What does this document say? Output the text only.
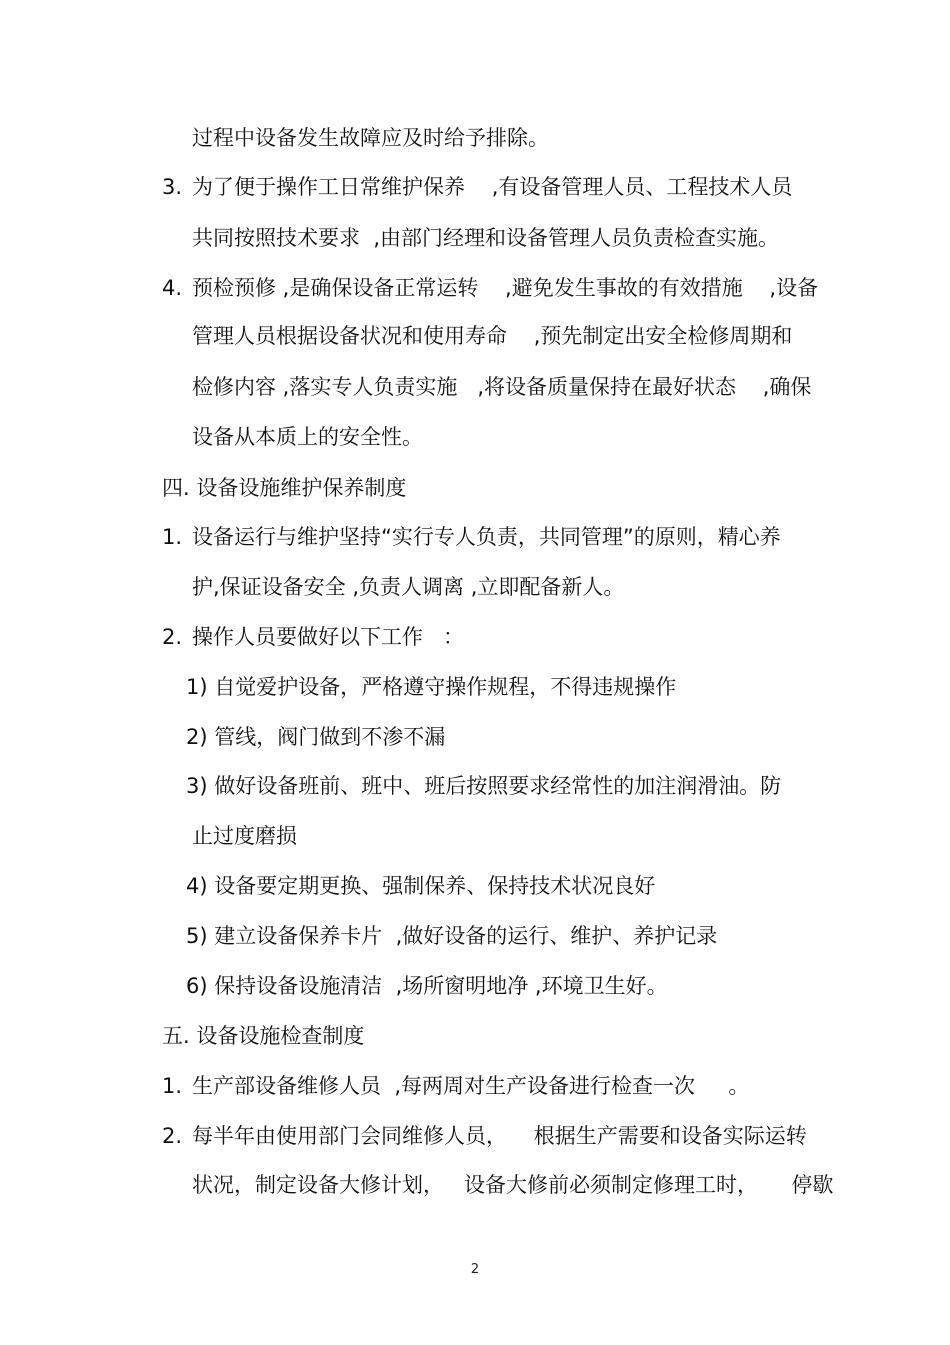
过程中设备发生故障应及时给予排除。
3. 为了便于操作工日常维护保养    ,有设备管理人员、工程技术人员
共同按照技术要求  ,由部门经理和设备管理人员负责检查实施。
4. 预检预修 ,是确保设备正常运转    ,避免发生事故的有效措施    ,设备
管理人员根据设备状况和使用寿命    ,预先制定出安全检修周期和
检修内容 ,落实专人负责实施   ,将设备质量保持在最好状态    ,确保
设备从本质上的安全性。
四. 设备设施维护保养制度
1. 设备运行与维护坚持“实行专人负责，共同管理”的原则，精心养
护,保证设备安全 ,负责人调离 ,立即配备新人。
2. 操作人员要做好以下工作   ：
1) 自觉爱护设备，严格遵守操作规程，不得违规操作
2) 管线，阀门做到不渗不漏
3) 做好设备班前、班中、班后按照要求经常性的加注润滑油。防
止过度磨损
4) 设备要定期更换、强制保养、保持技术状况良好
5) 建立设备保养卡片  ,做好设备的运行、维护、养护记录
6) 保持设备设施清洁  ,场所窗明地净 ,环境卫生好。
五. 设备设施检查制度
1. 生产部设备维修人员  ,每两周对生产设备进行检查一次     。
2. 每半年由使用部门会同维修人员，    根据生产需要和设备实际运转
状况，制定设备大修计划，   设备大修前必须制定修理工时，     停歇
2
